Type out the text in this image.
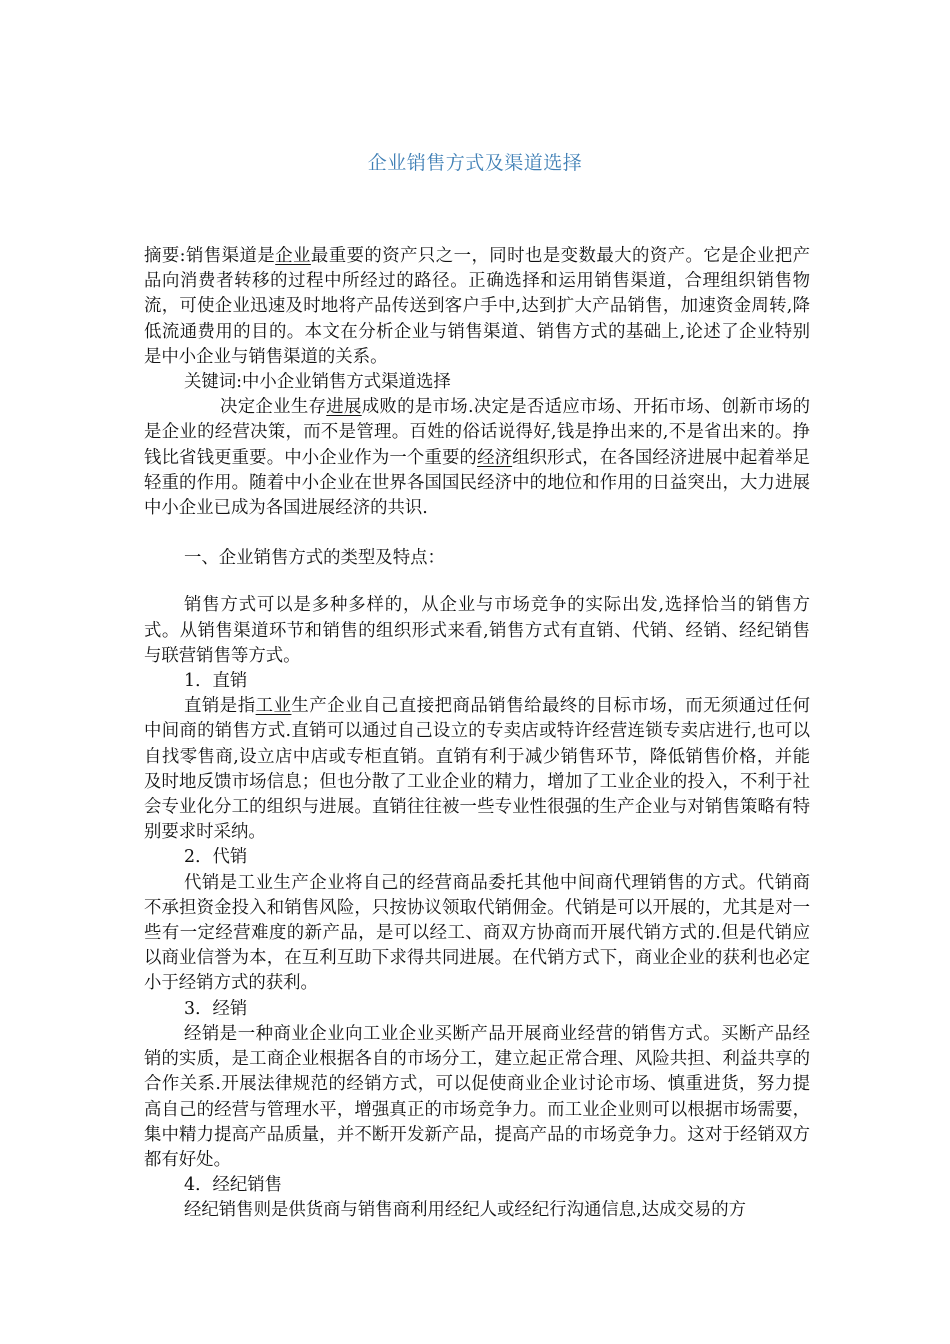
企业销售方式及渠道选择

摘要:销售渠道是企业最重要的资产只之一，同时也是变数最大的资产。它是企业把产品向消费者转移的过程中所经过的路径。正确选择和运用销售渠道，合理组织销售物流，可使企业迅速及时地将产品传送到客户手中,达到扩大产品销售，加速资金周转,降低流通费用的目的。本文在分析企业与销售渠道、销售方式的基础上,论述了企业特别是中小企业与销售渠道的关系。

关键词:中小企业销售方式渠道选择

决定企业生存进展成败的是市场.决定是否适应市场、开拓市场、创新市场的是企业的经营决策，而不是管理。百姓的俗话说得好,钱是挣出来的,不是省出来的。挣钱比省钱更重要。中小企业作为一个重要的经济组织形式，在各国经济进展中起着举足轻重的作用。随着中小企业在世界各国国民经济中的地位和作用的日益突出，大力进展中小企业已成为各国进展经济的共识.

一、企业销售方式的类型及特点：

销售方式可以是多种多样的，从企业与市场竞争的实际出发,选择恰当的销售方式。从销售渠道环节和销售的组织形式来看,销售方式有直销、代销、经销、经纪销售与联营销售等方式。

1．直销

直销是指工业生产企业自己直接把商品销售给最终的目标市场，而无须通过任何中间商的销售方式.直销可以通过自己设立的专卖店或特许经营连锁专卖店进行,也可以自找零售商,设立店中店或专柜直销。直销有利于减少销售环节，降低销售价格，并能及时地反馈市场信息；但也分散了工业企业的精力，增加了工业企业的投入，不利于社会专业化分工的组织与进展。直销往往被一些专业性很强的生产企业与对销售策略有特别要求时采纳。

2．代销

代销是工业生产企业将自己的经营商品委托其他中间商代理销售的方式。代销商不承担资金投入和销售风险，只按协议领取代销佣金。代销是可以开展的，尤其是对一些有一定经营难度的新产品，是可以经工、商双方协商而开展代销方式的.但是代销应以商业信誉为本，在互利互助下求得共同进展。在代销方式下，商业企业的获利也必定小于经销方式的获利。

3．经销

经销是一种商业企业向工业企业买断产品开展商业经营的销售方式。买断产品经销的实质，是工商企业根据各自的市场分工，建立起正常合理、风险共担、利益共享的合作关系.开展法律规范的经销方式，可以促使商业企业讨论市场、慎重进货，努力提高自己的经营与管理水平，增强真正的市场竞争力。而工业企业则可以根据市场需要，集中精力提高产品质量，并不断开发新产品，提高产品的市场竞争力。这对于经销双方都有好处。

4．经纪销售

经纪销售则是供货商与销售商利用经纪人或经纪行沟通信息,达成交易的方
